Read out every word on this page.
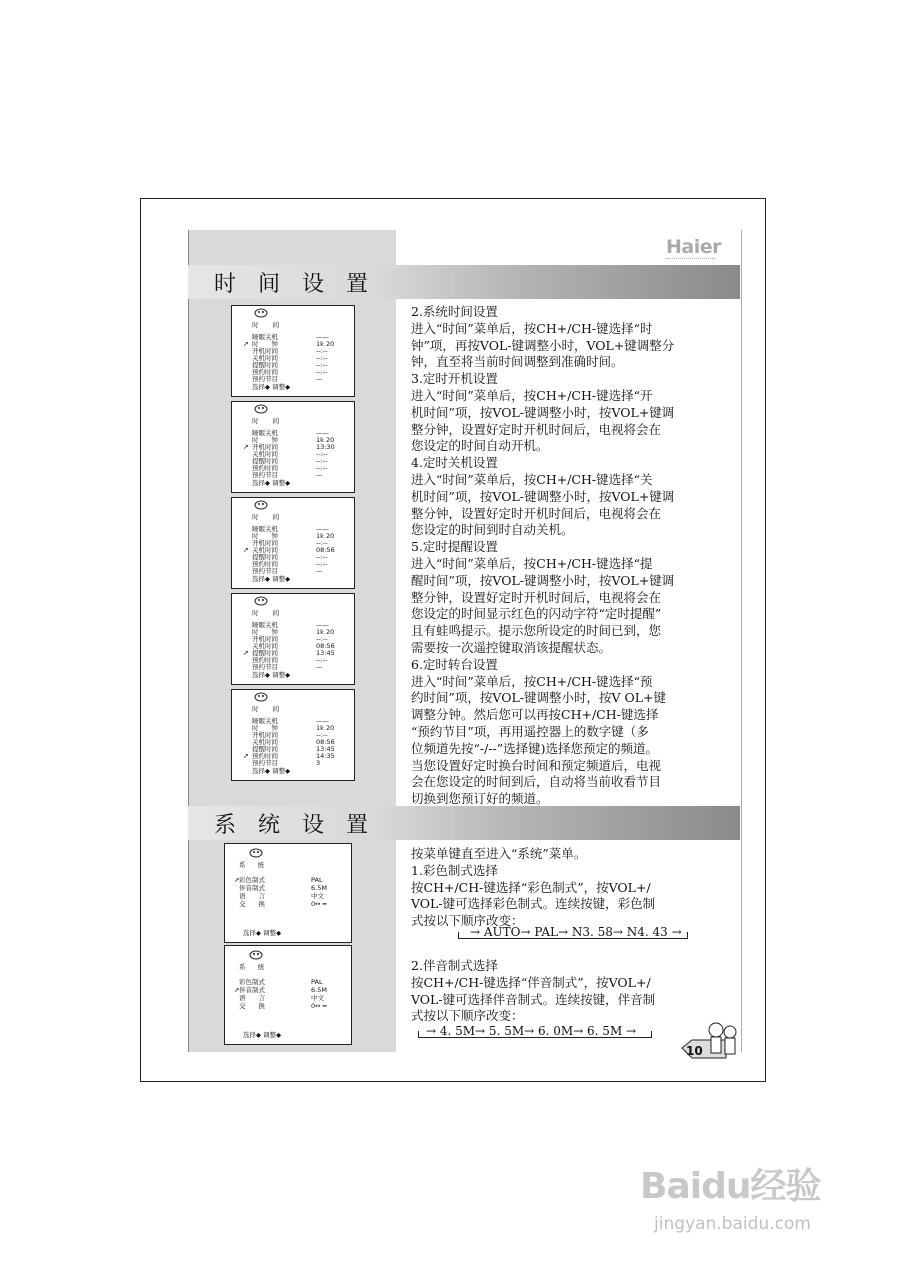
Haier
时间设置
时 间
睡眠关机	——
时　　钟	1k 20
开机时间	--:--
关机时间	--:--
提醒时间	--:--
预约时间	--:--
预约节目	—
➚
选择◆ 调整◆
时 间
睡眠关机	——
时　　钟	1k 20
开机时间	13:30
关机时间	--:--
提醒时间	--:--
预约时间	--:--
预约节目	—
➚
选择◆ 调整◆
时 间
睡眠关机	——
时　　钟	1k 20
开机时间	--:--
关机时间	08:56
提醒时间	--:--
预约时间	--:--
预约节目	—
➚
选择◆ 调整◆
时 间
睡眠关机	——
时　　钟	1k 20
开机时间	--:--
关机时间	08:56
提醒时间	13:45
预约时间	--:--
预约节目	—
➚
选择◆ 调整◆
时 间
睡眠关机	——
时　　钟	1k 20
开机时间	--:--
关机时间	08:56
提醒时间	13:45
预约时间	14:35
预约节目	3
➚
选择◆ 调整◆
2.系统时间设置
进入“时间”菜单后，按CH+/CH-键选择“时
钟”项，再按VOL-键调整小时，VOL+键调整分
钟，直至将当前时间调整到准确时间。
3.定时开机设置
进入“时间”菜单后，按CH+/CH-键选择“开
机时间”项，按VOL-键调整小时，按VOL+键调
整分钟，设置好定时开机时间后，电视将会在
您设定的时间自动开机。
4.定时关机设置
进入“时间”菜单后，按CH+/CH-键选择“关
机时间”项，按VOL-键调整小时，按VOL+键调
整分钟，设置好定时开机时间后，电视将会在
您设定的时间到时自动关机。
5.定时提醒设置
进入“时间”菜单后，按CH+/CH-键选择“提
醒时间”项，按VOL-键调整小时，按VOL+键调
整分钟，设置好定时开机时间后，电视将会在
您设定的时间显示红色的闪动字符“定时提醒”
且有蛙鸣提示。提示您所设定的时间已到，您
需要按一次遥控键取消该提醒状态。
6.定时转台设置
进入“时间”菜单后，按CH+/CH-键选择“预
约时间”项，按VOL-键调整小时，按V OL+键
调整分钟。然后您可以再按CH+/CH-键选择
“预约节目”项，再用遥控器上的数字键（多
位频道先按“-/--”选择键)选择您预定的频道。
当您设置好定时换台时间和预定频道后，电视
会在您设定的时间到后，自动将当前收看节目
切换到您预订好的频道。
系统设置
系 统
彩色制式	PAL
伴音制式	6.5M
语　　言	中文
交　　换	0↔ ━
➚
选择◆ 调整◆
系 统
彩色制式	PAL
伴音制式	6.5M
语　　言	中文
交　　换	0↔ ━
➚
选择◆ 调整◆
按菜单键直至进入“系统”菜单。
1.彩色制式选择
按CH+/CH-键选择“彩色制式”，按VOL+/
VOL-键可选择彩色制式。连续按键，彩色制
式按以下顺序改变：
→ AUTO→ PAL→ N3. 58→ N4. 43 →
2.伴音制式选择
按CH+/CH-键选择“伴音制式”，按VOL+/
VOL-键可选择伴音制式。连续按键，伴音制
式按以下顺序改变：
→ 4. 5M→ 5. 5M→ 6. 0M→ 6. 5M →
10
Baidu经验
jingyan.baidu.com
